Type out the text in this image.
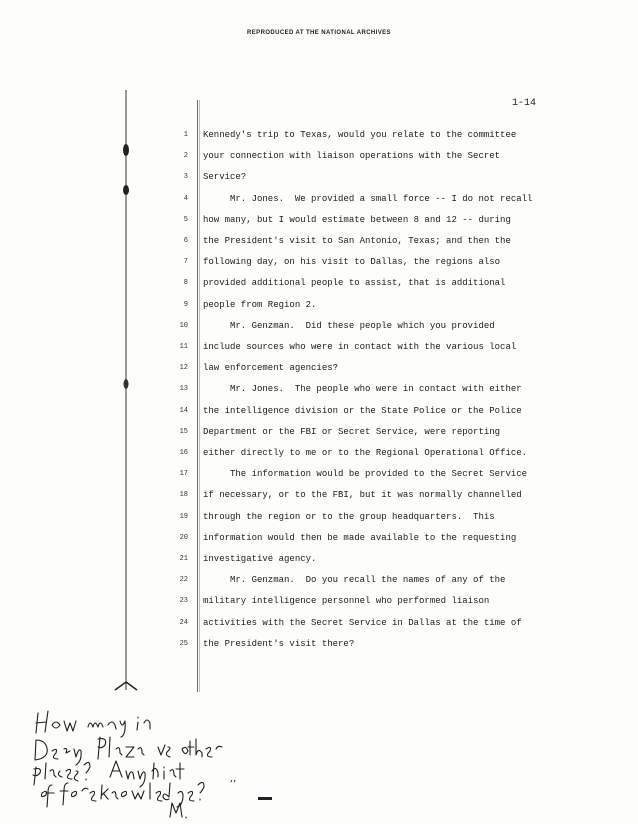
REPRODUCED AT THE NATIONAL ARCHIVES
1-14
1 Kennedy's trip to Texas, would you relate to the committee
2 your connection with liaison operations with the Secret
3 Service?
4 Mr. Jones.  We provided a small force -- I do not recall
5 how many, but I would estimate between 8 and 12 -- during
6 the President's visit to San Antonio, Texas; and then the
7 following day, on his visit to Dallas, the regions also
8 provided additional people to assist, that is additional
9 people from Region 2.
10 Mr. Genzman.  Did these people which you provided
11 include sources who were in contact with the various local
12 law enforcement agencies?
13 Mr. Jones.  The people who were in contact with either
14 the intelligence division or the State Police or the Police
15 Department or the FBI or Secret Service, were reporting
16 either directly to me or to the Regional Operational Office.
17 The information would be provided to the Secret Service
18 if necessary, or to the FBI, but it was normally channelled
19 through the region or to the group headquarters.  This
20 information would then be made available to the requesting
21 investigative agency.
22 Mr. Genzman.  Do you recall the names of any of the
23 military intelligence personnel who performed liaison
24 activities with the Secret Service in Dallas at the time of
25 the President's visit there?
,,
